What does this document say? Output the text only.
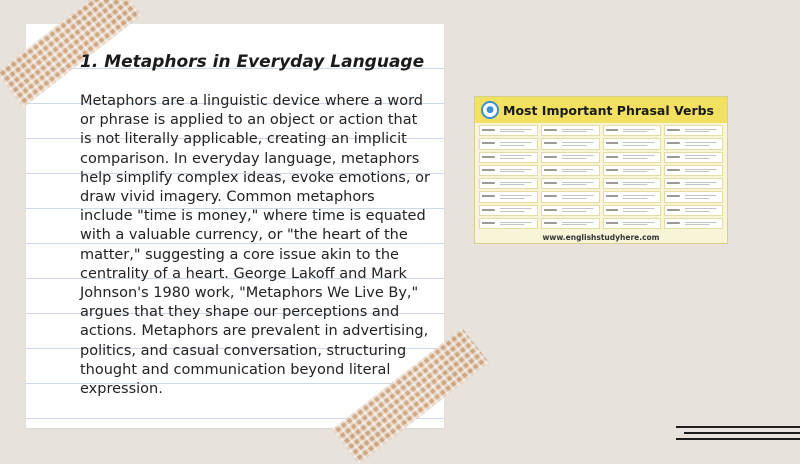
1. Metaphors in Everyday Language

Metaphors are a linguistic device where a word or phrase is applied to an object or action that is not literally applicable, creating an implicit comparison. In everyday language, metaphors help simplify complex ideas, evoke emotions, or draw vivid imagery. Common metaphors include "time is money," where time is equated with a valuable currency, or "the heart of the matter," suggesting a core issue akin to the centrality of a heart. George Lakoff and Mark Johnson's 1980 work, "Metaphors We Live By," argues that they shape our perceptions and actions. Metaphors are prevalent in advertising, politics, and casual conversation, structuring thought and communication beyond literal expression.

● Most Important Phrasal Verbs
www.englishstudyhere.com
